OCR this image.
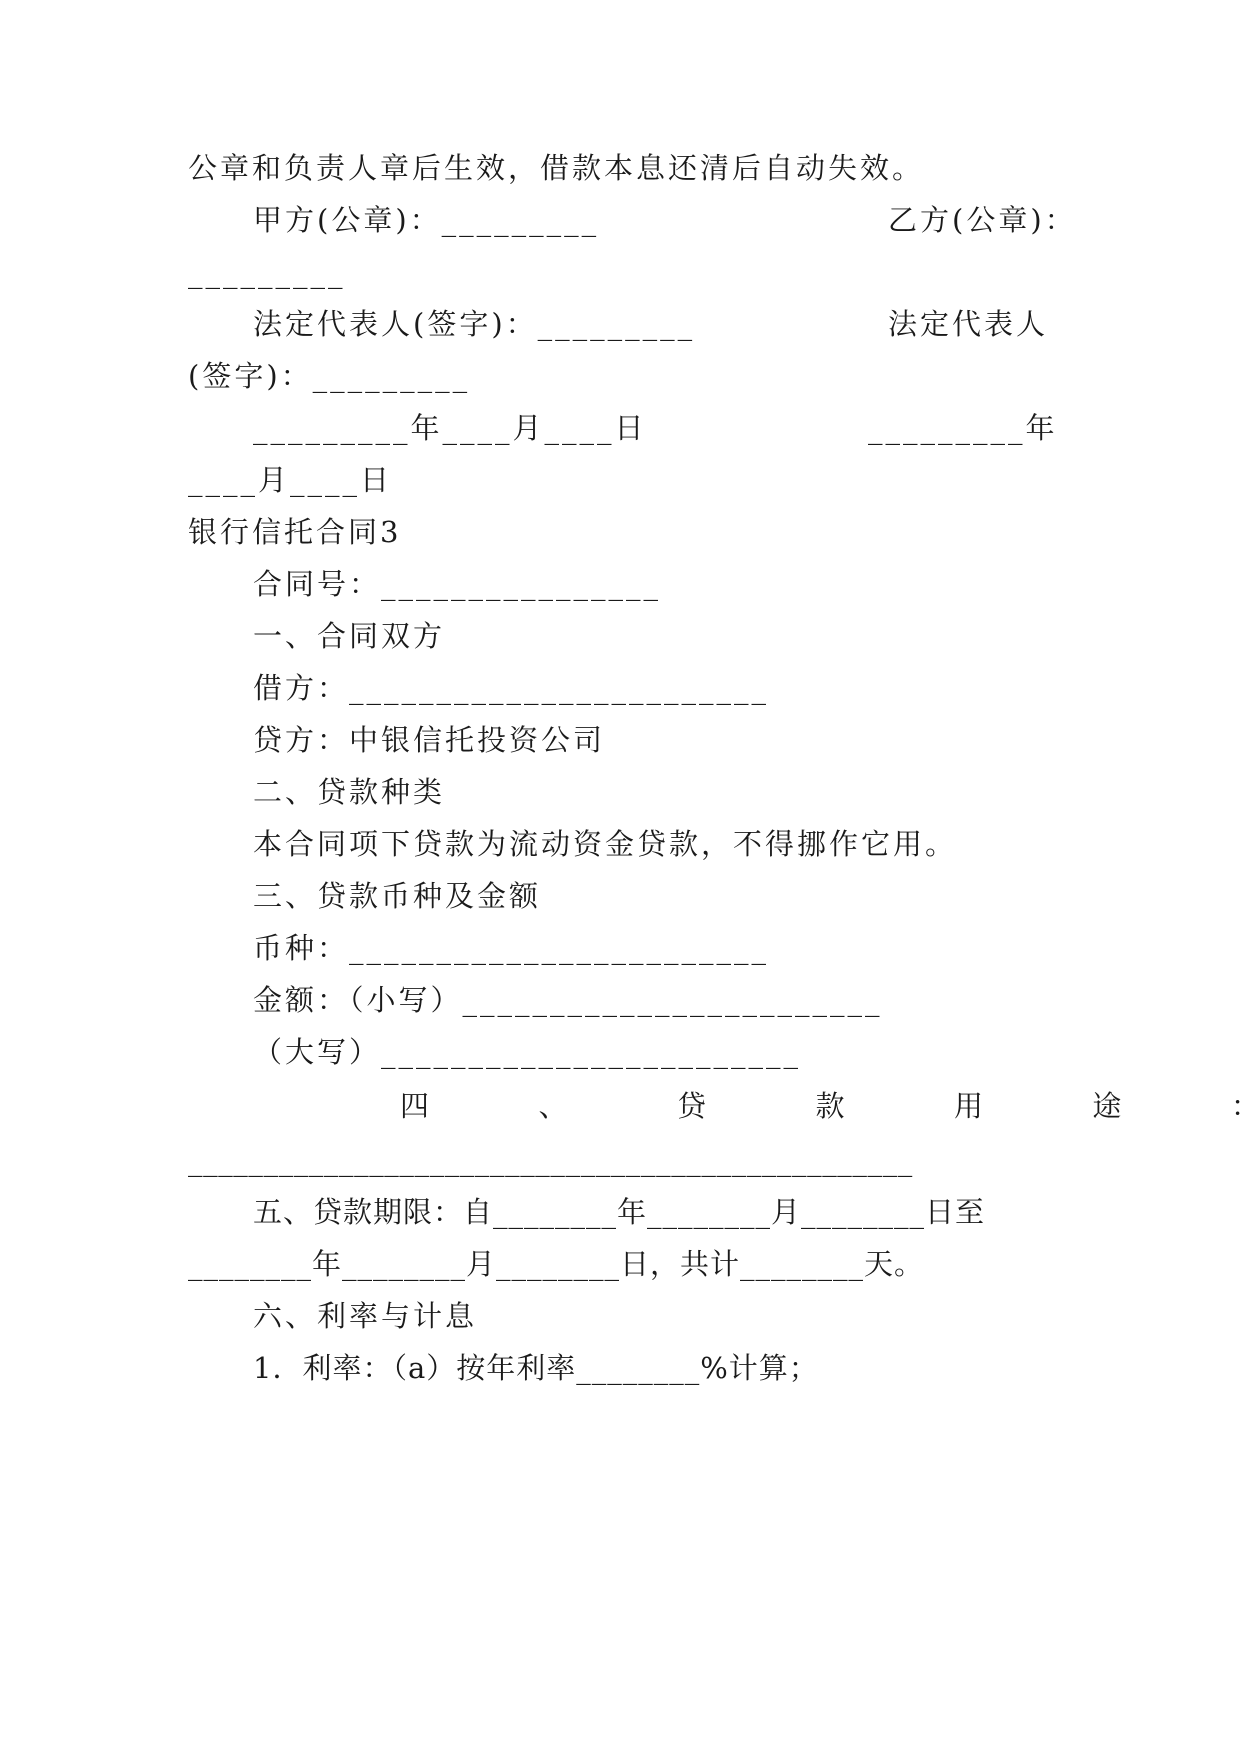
公章和负责人章后生效，借款本息还清后自动失效。
甲方(公章)：_________	乙方(公章)：
_________
法定代表人(签字)：_________	法定代表人
(签字)：_________
_________年____月____日	_________年
____月____日
银行信托合同3
合同号：________________
一、合同双方
借方：________________________
贷方：中银信托投资公司
二、贷款种类
本合同项下贷款为流动资金贷款，不得挪作它用。
三、贷款币种及金额
币种：________________________
金额：（小写）________________________
（大写）________________________
四	、	贷	款	用	途	：
________________________________________________
五、贷款期限：自________年________月________日至
________年________月________日，共计________天。
六、利率与计息
1．利率：（a）按年利率________%计算；
